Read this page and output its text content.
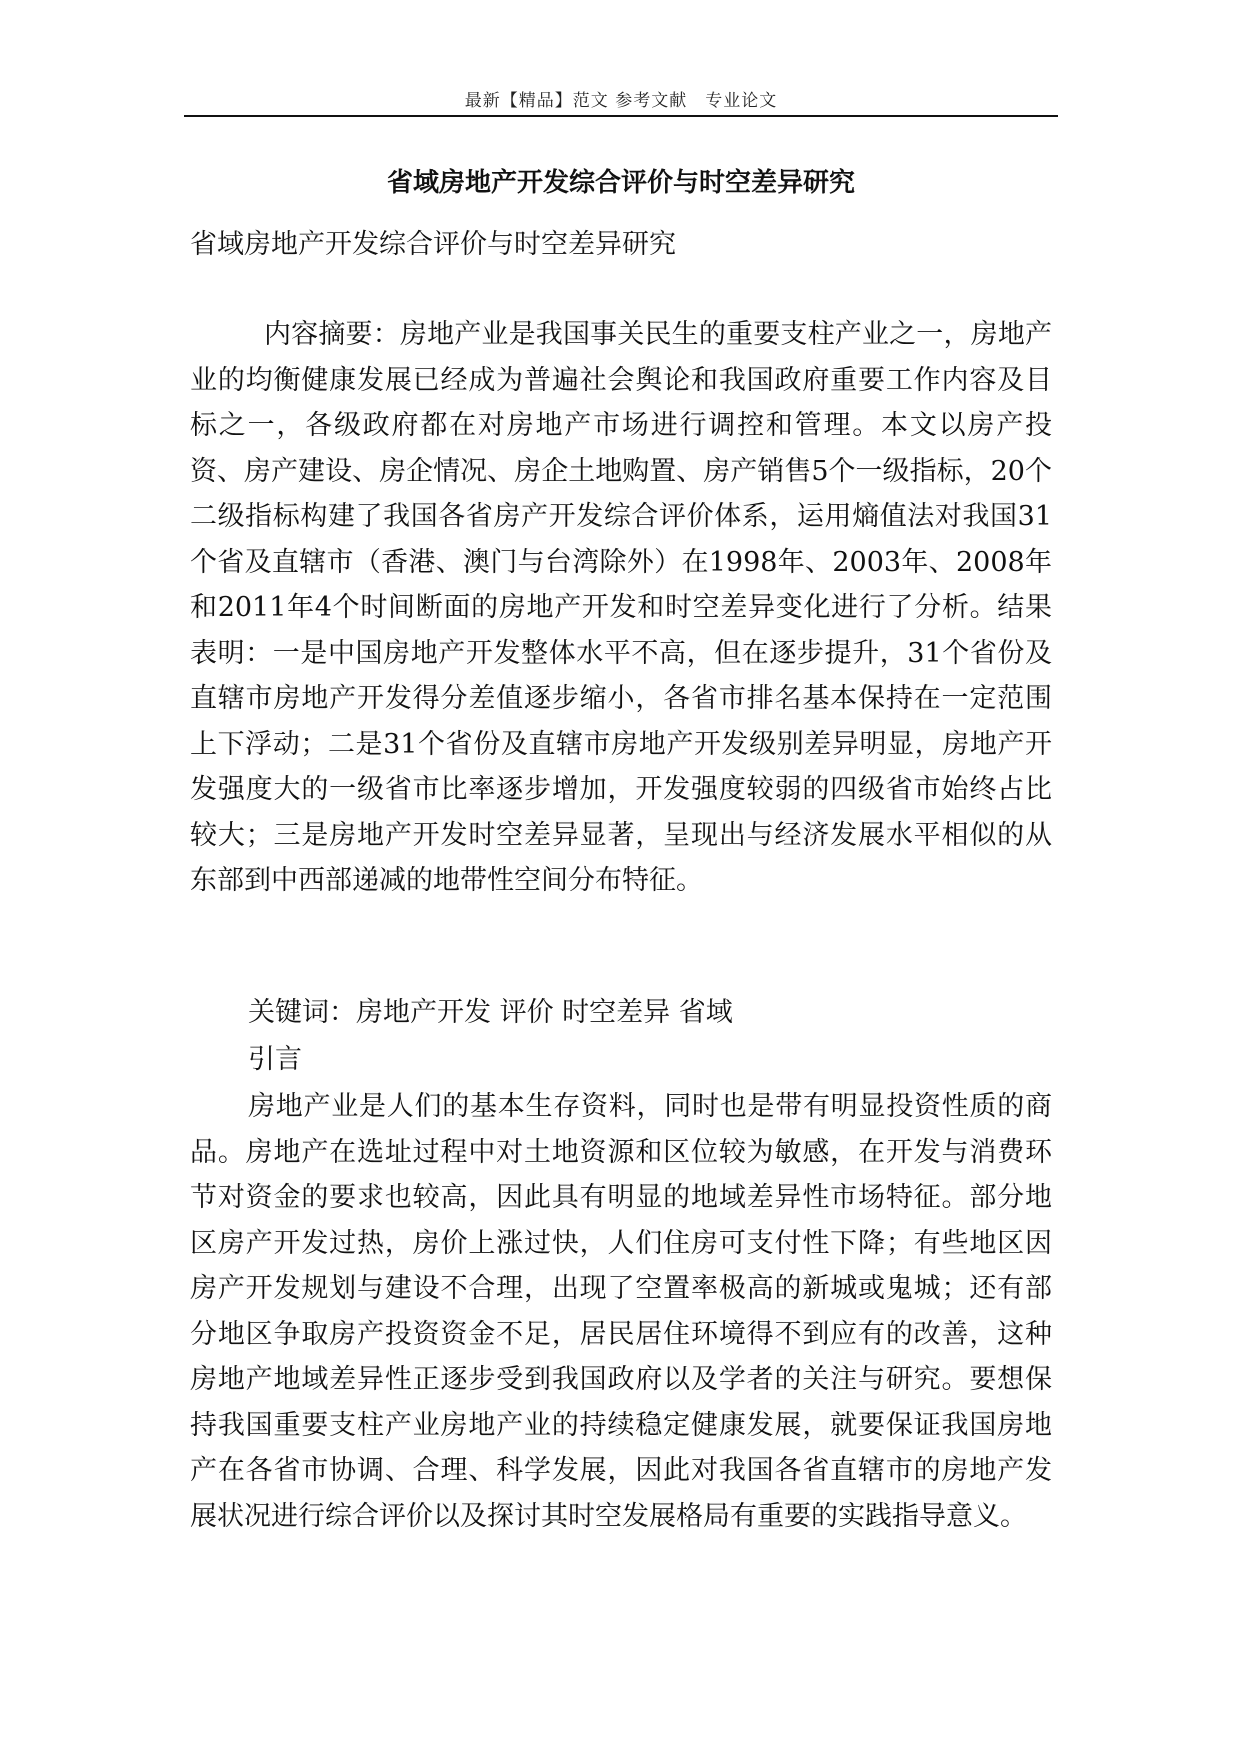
最新【精品】范文 参考文献　专业论文
省域房地产开发综合评价与时空差异研究
省域房地产开发综合评价与时空差异研究
内容摘要：房地产业是我国事关民生的重要支柱产业之一，房地产业的均衡健康发展已经成为普遍社会舆论和我国政府重要工作内容及目标之一，各级政府都在对房地产市场进行调控和管理。本文以房产投资、房产建设、房企情况、房企土地购置、房产销售5个一级指标，20个二级指标构建了我国各省房产开发综合评价体系，运用熵值法对我国31个省及直辖市（香港、澳门与台湾除外）在1998年、2003年、2008年和2011年4个时间断面的房地产开发和时空差异变化进行了分析。结果表明：一是中国房地产开发整体水平不高，但在逐步提升，31个省份及直辖市房地产开发得分差值逐步缩小，各省市排名基本保持在一定范围上下浮动；二是31个省份及直辖市房地产开发级别差异明显，房地产开发强度大的一级省市比率逐步增加，开发强度较弱的四级省市始终占比较大；三是房地产开发时空差异显著，呈现出与经济发展水平相似的从东部到中西部递减的地带性空间分布特征。
关键词：房地产开发 评价 时空差异 省域
引言
房地产业是人们的基本生存资料，同时也是带有明显投资性质的商品。房地产在选址过程中对土地资源和区位较为敏感，在开发与消费环节对资金的要求也较高，因此具有明显的地域差异性市场特征。部分地区房产开发过热，房价上涨过快，人们住房可支付性下降；有些地区因房产开发规划与建设不合理，出现了空置率极高的新城或鬼城；还有部分地区争取房产投资资金不足，居民居住环境得不到应有的改善，这种房地产地域差异性正逐步受到我国政府以及学者的关注与研究。要想保持我国重要支柱产业房地产业的持续稳定健康发展，就要保证我国房地产在各省市协调、合理、科学发展，因此对我国各省直辖市的房地产发展状况进行综合评价以及探讨其时空发展格局有重要的实践指导意义。
